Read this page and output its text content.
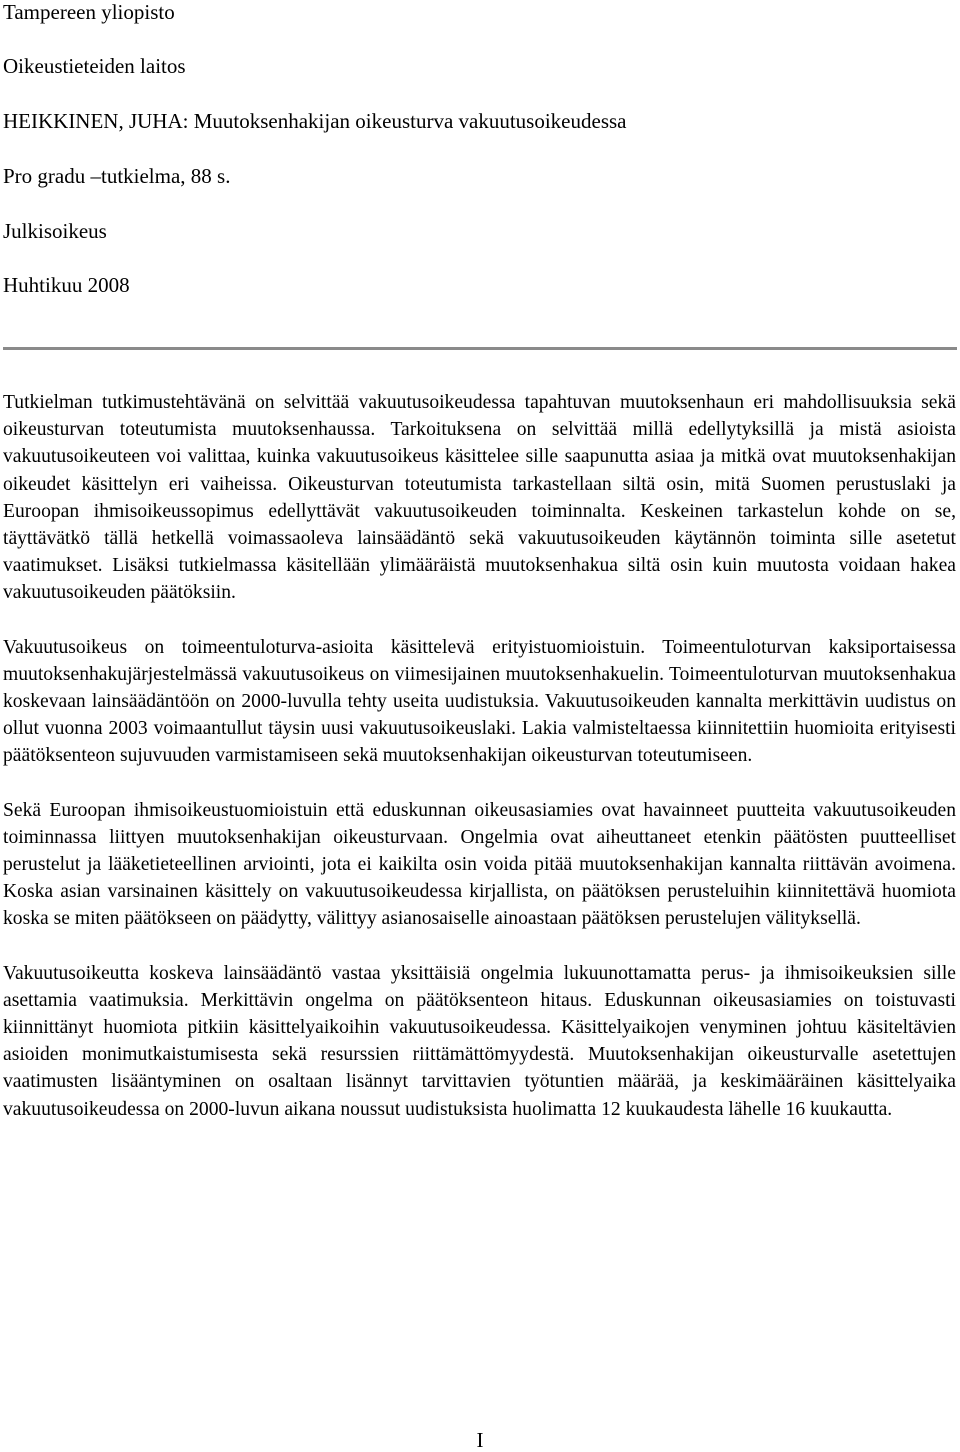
Tampereen yliopisto
Oikeustieteiden laitos
HEIKKINEN, JUHA: Muutoksenhakijan oikeusturva vakuutusoikeudessa
Pro gradu –tutkielma, 88 s.
Julkisoikeus
Huhtikuu 2008

Tutkielman tutkimustehtävänä on selvittää vakuutusoikeudessa tapahtuvan muutoksenhaun eri mahdollisuuksia sekä oikeusturvan toteutumista muutoksenhaussa. Tarkoituksena on selvittää millä edellytyksillä ja mistä asioista vakuutusoikeuteen voi valittaa, kuinka vakuutusoikeus käsittelee sille saapunutta asiaa ja mitkä ovat muutoksenhakijan oikeudet käsittelyn eri vaiheissa. Oikeusturvan toteutumista tarkastellaan siltä osin, mitä Suomen perustuslaki ja Euroopan ihmisoikeussopimus edellyttävät vakuutusoikeuden toiminnalta. Keskeinen tarkastelun kohde on se, täyttävätkö tällä hetkellä voimassaoleva lainsäädäntö sekä vakuutusoikeuden käytännön toiminta sille asetetut vaatimukset. Lisäksi tutkielmassa käsitellään ylimääräistä muutoksenhakua siltä osin kuin muutosta voidaan hakea vakuutusoikeuden päätöksiin.

Vakuutusoikeus on toimeentuloturva-asioita käsittelevä erityistuomioistuin. Toimeentuloturvan kaksiportaisessa muutoksenhakujärjestelmässä vakuutusoikeus on viimesijainen muutoksenhakuelin. Toimeentuloturvan muutoksenhakua koskevaan lainsäädäntöön on 2000-luvulla tehty useita uudistuksia. Vakuutusoikeuden kannalta merkittävin uudistus on ollut vuonna 2003 voimaantullut täysin uusi vakuutusoikeuslaki. Lakia valmisteltaessa kiinnitettiin huomioita erityisesti päätöksenteon sujuvuuden varmistamiseen sekä muutoksenhakijan oikeusturvan toteutumiseen.

Sekä Euroopan ihmisoikeustuomioistuin että eduskunnan oikeusasiamies ovat havainneet puutteita vakuutusoikeuden toiminnassa liittyen muutoksenhakijan oikeusturvaan. Ongelmia ovat aiheuttaneet etenkin päätösten puutteelliset perustelut ja lääketieteellinen arviointi, jota ei kaikilta osin voida pitää muutoksenhakijan kannalta riittävän avoimena. Koska asian varsinainen käsittely on vakuutusoikeudessa kirjallista, on päätöksen perusteluihin kiinnitettävä huomiota koska se miten päätökseen on päädytty, välittyy asianosaiselle ainoastaan päätöksen perustelujen välityksellä.

Vakuutusoikeutta koskeva lainsäädäntö vastaa yksittäisiä ongelmia lukuunottamatta perus- ja ihmisoikeuksien sille asettamia vaatimuksia. Merkittävin ongelma on päätöksenteon hitaus. Eduskunnan oikeusasiamies on toistuvasti kiinnittänyt huomiota pitkiin käsittelyaikoihin vakuutusoikeudessa. Käsittelyaikojen venyminen johtuu käsiteltävien asioiden monimutkaistumisesta sekä resurssien riittämättömyydestä. Muutoksenhakijan oikeusturvalle asetettujen vaatimusten lisääntyminen on osaltaan lisännyt tarvittavien työtuntien määrää, ja keskimääräinen käsittelyaika vakuutusoikeudessa on 2000-luvun aikana noussut uudistuksista huolimatta 12 kuukaudesta lähelle 16 kuukautta.

I
